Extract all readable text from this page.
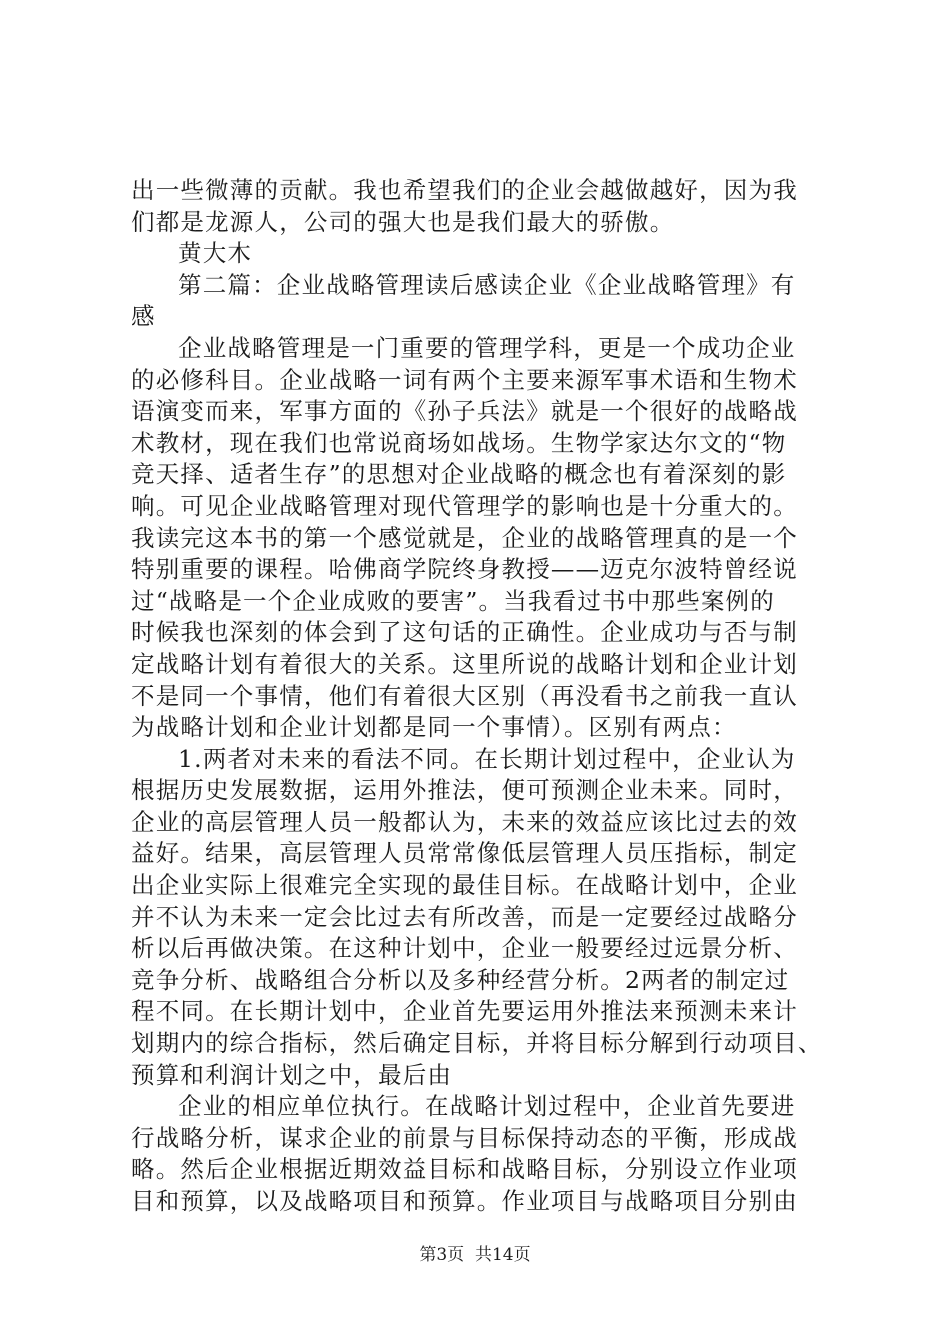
出一些微薄的贡献。我也希望我们的企业会越做越好，因为我
们都是龙源人，公司的强大也是我们最大的骄傲。
黄大木
第二篇：企业战略管理读后感读企业《企业战略管理》有
感
企业战略管理是一门重要的管理学科，更是一个成功企业
的必修科目。企业战略一词有两个主要来源军事术语和生物术
语演变而来，军事方面的《孙子兵法》就是一个很好的战略战
术教材，现在我们也常说商场如战场。生物学家达尔文的“物
竞天择、适者生存”的思想对企业战略的概念也有着深刻的影
响。可见企业战略管理对现代管理学的影响也是十分重大的。
我读完这本书的第一个感觉就是，企业的战略管理真的是一个
特别重要的课程。哈佛商学院终身教授——迈克尔波特曾经说
过“战略是一个企业成败的要害”。当我看过书中那些案例的
时候我也深刻的体会到了这句话的正确性。企业成功与否与制
定战略计划有着很大的关系。这里所说的战略计划和企业计划
不是同一个事情，他们有着很大区别（再没看书之前我一直认
为战略计划和企业计划都是同一个事情）。区别有两点：
1.两者对未来的看法不同。在长期计划过程中，企业认为
根据历史发展数据，运用外推法，便可预测企业未来。同时，
企业的高层管理人员一般都认为，未来的效益应该比过去的效
益好。结果，高层管理人员常常像低层管理人员压指标，制定
出企业实际上很难完全实现的最佳目标。在战略计划中，企业
并不认为未来一定会比过去有所改善，而是一定要经过战略分
析以后再做决策。在这种计划中，企业一般要经过远景分析、
竞争分析、战略组合分析以及多种经营分析。2两者的制定过
程不同。在长期计划中，企业首先要运用外推法来预测未来计
划期内的综合指标，然后确定目标，并将目标分解到行动项目、
预算和利润计划之中，最后由
企业的相应单位执行。在战略计划过程中，企业首先要进
行战略分析，谋求企业的前景与目标保持动态的平衡，形成战
略。然后企业根据近期效益目标和战略目标，分别设立作业项
目和预算，以及战略项目和预算。作业项目与战略项目分别由
第3页  共14页
